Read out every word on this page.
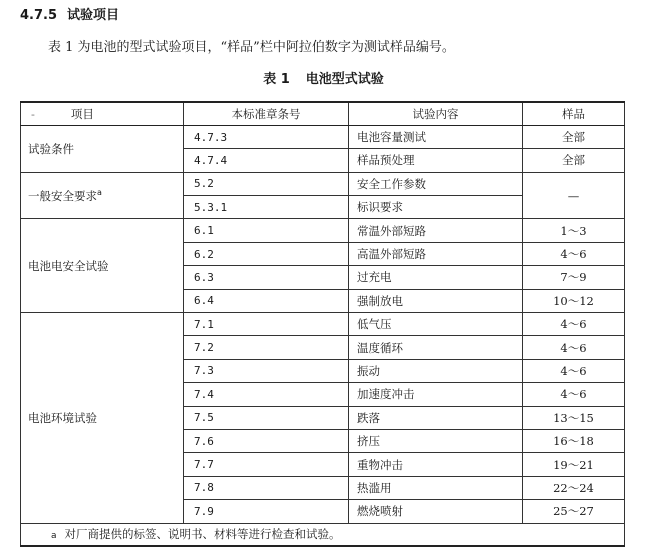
4.7.5 试验项目
表 1 为电池的型式试验项目，“样品”栏中阿拉伯数字为测试样品编号。
表 1 电池型式试验
- 项目	本标准章条号	试验内容	样品
试验条件	4.7.3	电池容量测试	全部
	4.7.4	样品预处理	全部
一般安全要求$^a$	5.2	安全工作参数	—
	5.3.1	标识要求	
电池电安全试验	6.1	常温外部短路	1～3
	6.2	高温外部短路	4～6
	6.3	过充电	7～9
	6.4	强制放电	10～12
电池环境试验	7.1	低气压	4～6
	7.2	温度循环	4～6
	7.3	振动	4～6
	7.4	加速度冲击	4～6
	7.5	跌落	13～15
	7.6	挤压	16～18
	7.7	重物冲击	19～21
	7.8	热滥用	22～24
	7.9	燃烧喷射	25～27
a 对厂商提供的标签、说明书、材料等进行检查和试验。			
